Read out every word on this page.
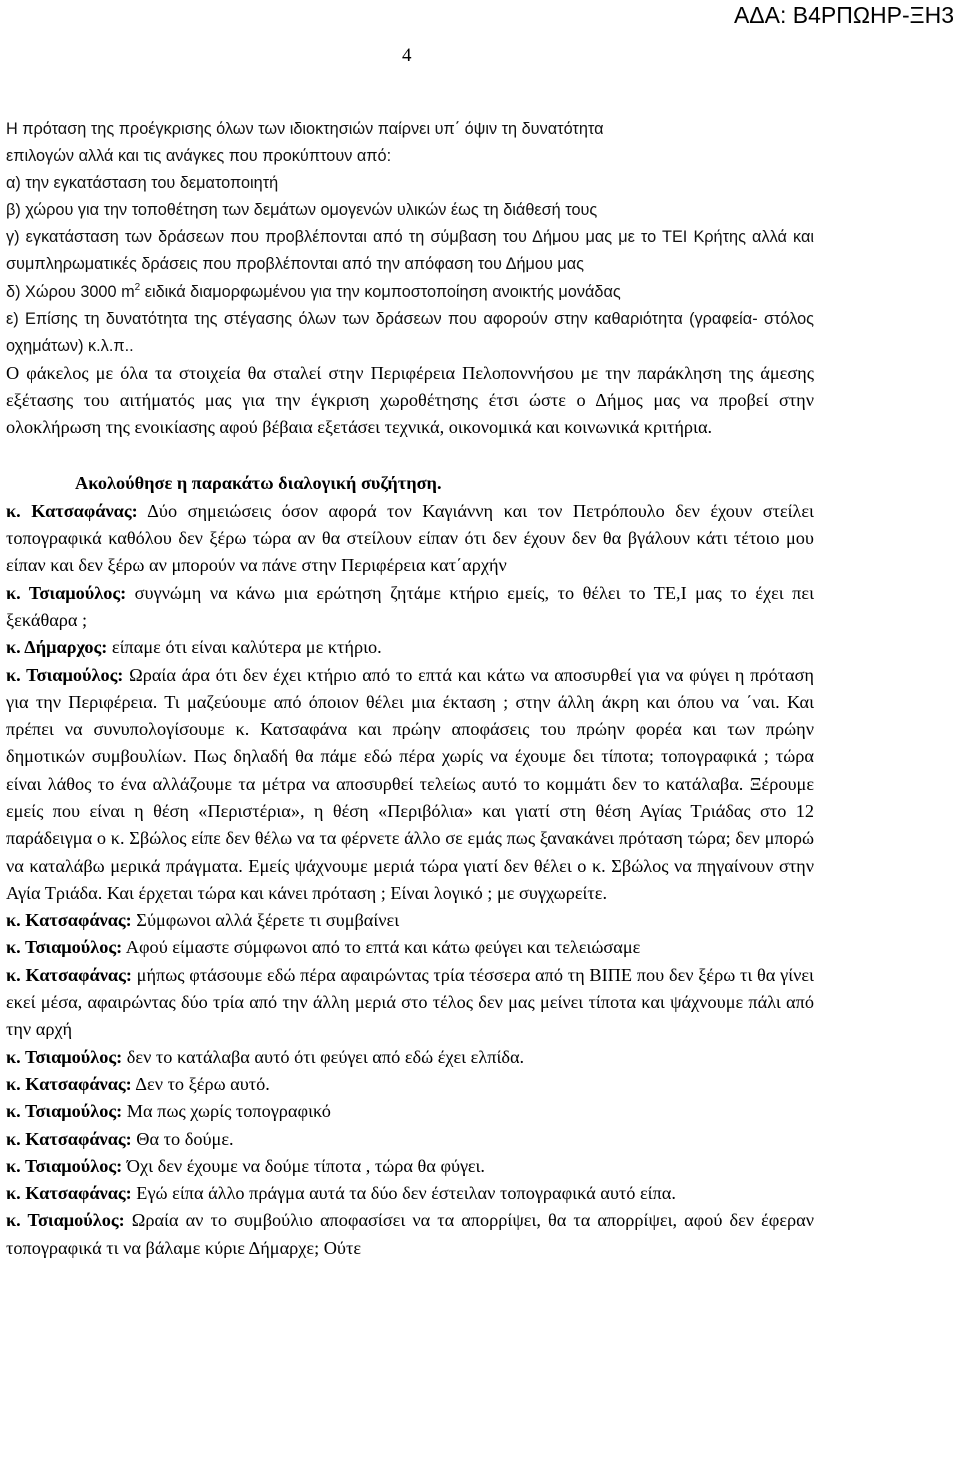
ΑΔΑ: Β4ΡΠΩΗΡ-ΞΗ3
4

Η πρόταση της προέγκρισης όλων των ιδιοκτησιών παίρνει υπ΄ όψιν τη δυνατότητα

επιλογών αλλά και τις ανάγκες που προκύπτουν από:

α) την εγκατάσταση του δεματοποιητή

β) χώρου για την τοποθέτηση των δεμάτων ομογενών υλικών έως τη διάθεσή τους

γ) εγκατάσταση των δράσεων που προβλέπονται από τη σύμβαση του Δήμου μας με το ΤΕΙ Κρήτης αλλά και συμπληρωματικές δράσεις που προβλέπονται από την απόφαση του Δήμου μας

δ) Χώρου 3000 $m^2$ ειδικά διαμορφωμένου για την κομποστοποίηση ανοικτής μονάδας

ε) Επίσης τη δυνατότητα της στέγασης όλων των δράσεων που αφορούν στην καθαριότητα (γραφεία- στόλος οχημάτων) κ.λ.π..

Ο φάκελος με όλα τα στοιχεία θα σταλεί στην Περιφέρεια Πελοποννήσου με την παράκληση της άμεσης εξέτασης του αιτήματός μας για την έγκριση χωροθέτησης έτσι ώστε ο Δήμος μας να προβεί στην ολοκλήρωση της ενοικίασης αφού βέβαια εξετάσει τεχνικά, οικονομικά και κοινωνικά κριτήρια.

Ακολούθησε η παρακάτω διαλογική συζήτηση.

κ. Κατσαφάνας: Δύο σημειώσεις όσον αφορά τον Καγιάννη και τον Πετρόπουλο δεν έχουν στείλει τοπογραφικά καθόλου δεν ξέρω τώρα αν θα στείλουν είπαν ότι δεν έχουν δεν θα βγάλουν κάτι τέτοιο μου είπαν και δεν ξέρω αν μπορούν να πάνε στην Περιφέρεια κατ΄αρχήν

κ. Τσιαμούλος: συγνώμη να κάνω μια ερώτηση ζητάμε κτήριο εμείς, το θέλει το ΤΕ,Ι μας το έχει πει ξεκάθαρα ;

κ. Δήμαρχος: είπαμε ότι είναι καλύτερα με κτήριο.

κ. Τσιαμούλος: Ωραία άρα ότι δεν έχει κτήριο από το επτά και κάτω να αποσυρθεί για να φύγει η πρόταση για την Περιφέρεια. Τι μαζεύουμε από όποιον θέλει μια έκταση ; στην άλλη άκρη και όπου να ΄ναι. Και πρέπει να συνυπολογίσουμε κ. Κατσαφάνα και πρώην αποφάσεις του πρώην φορέα και των πρώην δημοτικών συμβουλίων. Πως δηλαδή θα πάμε εδώ πέρα χωρίς να έχουμε δει τίποτα; τοπογραφικά ; τώρα είναι λάθος το ένα αλλάζουμε τα μέτρα να αποσυρθεί τελείως αυτό το κομμάτι δεν το κατάλαβα. Ξέρουμε εμείς που είναι η θέση «Περιστέρια», η θέση «Περιβόλια» και γιατί στη θέση Αγίας Τριάδας στο 12 παράδειγμα ο κ. Σβώλος είπε δεν θέλω να τα φέρνετε άλλο σε εμάς πως ξανακάνει πρόταση τώρα; δεν μπορώ να καταλάβω μερικά πράγματα. Εμείς ψάχνουμε μεριά τώρα γιατί δεν θέλει ο κ. Σβώλος να πηγαίνουν στην Αγία Τριάδα. Και έρχεται τώρα και κάνει πρόταση ; Είναι λογικό ; με συγχωρείτε.

κ. Κατσαφάνας: Σύμφωνοι αλλά ξέρετε τι συμβαίνει

κ. Τσιαμούλος: Αφού είμαστε σύμφωνοι από το επτά και κάτω φεύγει και τελειώσαμε

κ. Κατσαφάνας: μήπως φτάσουμε εδώ πέρα αφαιρώντας τρία τέσσερα από τη ΒΙΠΕ που δεν ξέρω τι θα γίνει εκεί μέσα, αφαιρώντας δύο τρία από την άλλη μεριά στο τέλος δεν μας μείνει τίποτα και ψάχνουμε πάλι από την αρχή

κ. Τσιαμούλος: δεν το κατάλαβα αυτό ότι φεύγει από εδώ έχει ελπίδα.

κ. Κατσαφάνας: Δεν το ξέρω αυτό.

κ. Τσιαμούλος: Μα πως χωρίς τοπογραφικό

κ. Κατσαφάνας: Θα το δούμε.

κ. Τσιαμούλος: Όχι δεν έχουμε να δούμε τίποτα , τώρα θα φύγει.

κ. Κατσαφάνας: Εγώ είπα άλλο πράγμα αυτά τα δύο δεν έστειλαν τοπογραφικά αυτό είπα.

κ. Τσιαμούλος: Ωραία αν το συμβούλιο αποφασίσει να τα απορρίψει, θα τα απορρίψει, αφού δεν έφεραν τοπογραφικά τι να βάλαμε κύριε Δήμαρχε; Ούτε
